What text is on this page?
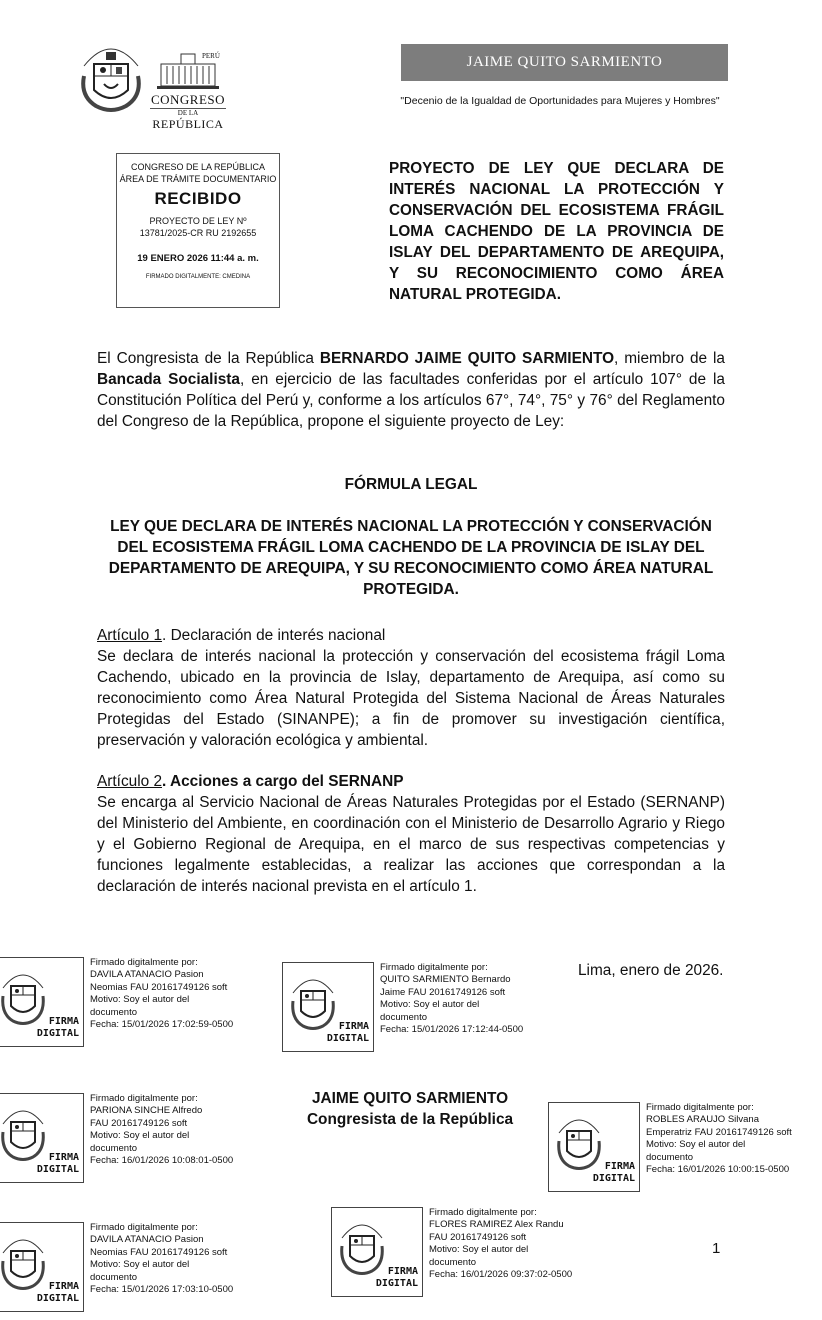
PERÚ
CONGRESO
DE LA
REPÚBLICA
JAIME QUITO SARMIENTO
"Decenio de la Igualdad de Oportunidades para Mujeres y Hombres"
CONGRESO DE LA REPÚBLICA
ÁREA DE TRÁMITE DOCUMENTARIO
RECIBIDO
PROYECTO DE LEY Nº
13781/2025-CR RU 2192655
19 ENERO 2026 11:44 a. m.
FIRMADO DIGITALMENTE: CMEDINA
PROYECTO DE LEY QUE DECLARA DE INTERÉS NACIONAL LA PROTECCIÓN Y CONSERVACIÓN DEL ECOSISTEMA FRÁGIL LOMA CACHENDO DE LA PROVINCIA DE ISLAY DEL DEPARTAMENTO DE AREQUIPA, Y SU RECONOCIMIENTO COMO ÁREA NATURAL PROTEGIDA.
El Congresista de la República BERNARDO JAIME QUITO SARMIENTO, miembro de la Bancada Socialista, en ejercicio de las facultades conferidas por el artículo 107° de la Constitución Política del Perú y, conforme a los artículos 67°, 74°, 75° y 76° del Reglamento del Congreso de la República, propone el siguiente proyecto de Ley:
FÓRMULA LEGAL
LEY QUE DECLARA DE INTERÉS NACIONAL LA PROTECCIÓN Y CONSERVACIÓN DEL ECOSISTEMA FRÁGIL LOMA CACHENDO DE LA PROVINCIA DE ISLAY DEL DEPARTAMENTO DE AREQUIPA, Y SU RECONOCIMIENTO COMO ÁREA NATURAL PROTEGIDA.
Artículo 1. Declaración de interés nacional
Se declara de interés nacional la protección y conservación del ecosistema frágil Loma Cachendo, ubicado en la provincia de Islay, departamento de Arequipa, así como su reconocimiento como Área Natural Protegida del Sistema Nacional de Áreas Naturales Protegidas del Estado (SINANPE); a fin de promover su investigación científica, preservación y valoración ecológica y ambiental.
Artículo 2. Acciones a cargo del SERNANP
Se encarga al Servicio Nacional de Áreas Naturales Protegidas por el Estado (SERNANP) del Ministerio del Ambiente, en coordinación con el Ministerio de Desarrollo Agrario y Riego y el Gobierno Regional de Arequipa, en el marco de sus respectivas competencias y funciones legalmente establecidas, a realizar las acciones que correspondan a la declaración de interés nacional prevista en el artículo 1.
Lima, enero de 2026.
JAIME QUITO SARMIENTO
Congresista de la República
1
FIRMA
DIGITAL
Firmado digitalmente por:
DAVILA ATANACIO Pasion
Neomias FAU 20161749126 soft
Motivo: Soy el autor del
documento
Fecha: 15/01/2026 17:02:59-0500	FIRMA
DIGITAL
Firmado digitalmente por:
QUITO SARMIENTO Bernardo
Jaime FAU 20161749126 soft
Motivo: Soy el autor del
documento
Fecha: 15/01/2026 17:12:44-0500
FIRMA
DIGITAL
Firmado digitalmente por:
PARIONA SINCHE Alfredo
FAU 20161749126 soft
Motivo: Soy el autor del
documento
Fecha: 16/01/2026 10:08:01-0500
FIRMA
DIGITAL
Firmado digitalmente por:
ROBLES ARAUJO Silvana
Emperatriz FAU 20161749126 soft
Motivo: Soy el autor del
documento
Fecha: 16/01/2026 10:00:15-0500
FIRMA
DIGITAL
Firmado digitalmente por:
DAVILA ATANACIO Pasion
Neomias FAU 20161749126 soft
Motivo: Soy el autor del
documento
Fecha: 15/01/2026 17:03:10-0500
FIRMA
DIGITAL
Firmado digitalmente por:
FLORES RAMIREZ Alex Randu
FAU 20161749126 soft
Motivo: Soy el autor del
documento
Fecha: 16/01/2026 09:37:02-0500
